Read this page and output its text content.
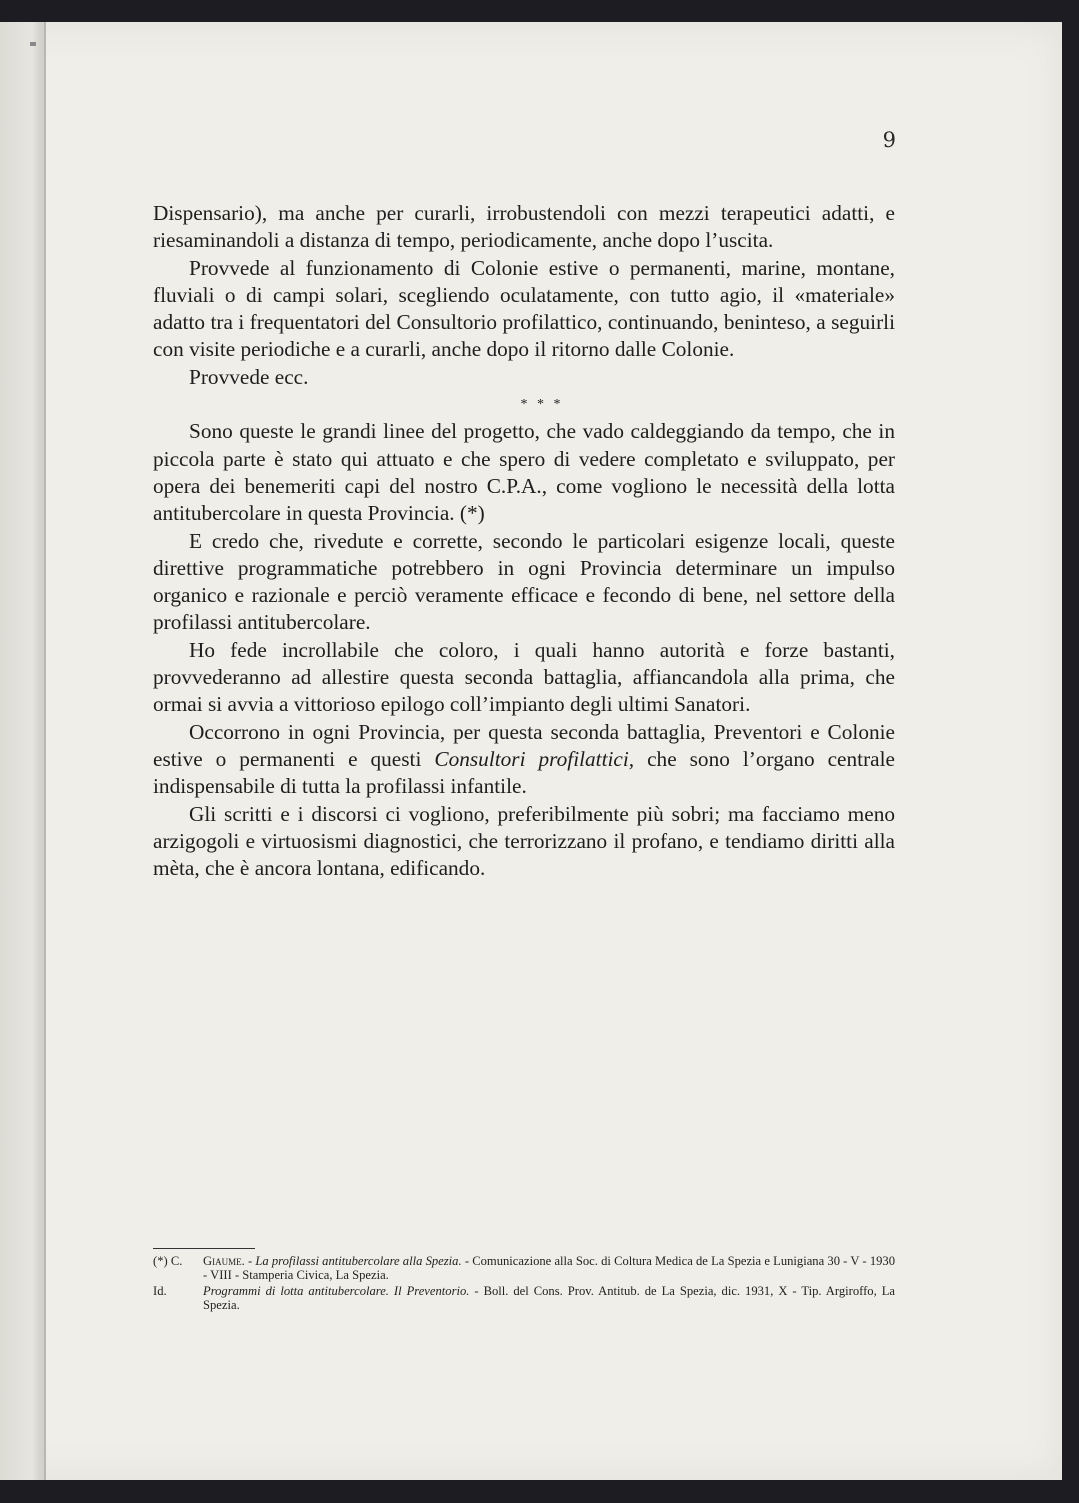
9

Dispensario), ma anche per curarli, irrobustendoli con mezzi terapeutici adatti, e riesaminandoli a distanza di tempo, periodicamente, anche dopo l’uscita.

Provvede al funzionamento di Colonie estive o permanenti, marine, montane, fluviali o di campi solari, scegliendo oculatamente, con tutto agio, il «materiale» adatto tra i frequentatori del Consultorio profilattico, continuando, beninteso, a seguirli con visite periodiche e a curarli, anche dopo il ritorno dalle Colonie.

Provvede ecc.

* * *

Sono queste le grandi linee del progetto, che vado caldeggiando da tempo, che in piccola parte è stato qui attuato e che spero di vedere completato e sviluppato, per opera dei benemeriti capi del nostro C.P.A., come vogliono le necessità della lotta antitubercolare in questa Provincia. (*)

E credo che, rivedute e corrette, secondo le particolari esigenze locali, queste direttive programmatiche potrebbero in ogni Provincia determinare un impulso organico e razionale e perciò veramente efficace e fecondo di bene, nel settore della profilassi antitubercolare.

Ho fede incrollabile che coloro, i quali hanno autorità e forze bastanti, provvederanno ad allestire questa seconda battaglia, affiancandola alla prima, che ormai si avvia a vittorioso epilogo coll’impianto degli ultimi Sanatori.

Occorrono in ogni Provincia, per questa seconda battaglia, Preventori e Colonie estive o permanenti e questi Consultori profilattici, che sono l’organo centrale indispensabile di tutta la profilassi infantile.

Gli scritti e i discorsi ci vogliono, preferibilmente più sobri; ma facciamo meno arzigogoli e virtuosismi diagnostici, che terrorizzano il profano, e tendiamo diritti alla mèta, che è ancora lontana, edificando.

(*) C.	Giaume. - La profilassi antitubercolare alla Spezia. - Comunicazione alla Soc. di Coltura Medica de La Spezia e Lunigiana 30 - V - 1930 - VIII - Stamperia Civica, La Spezia.
Id.	Programmi di lotta antitubercolare. Il Preventorio. - Boll. del Cons. Prov. Antitub. de La Spezia, dic. 1931, X - Tip. Argiroffo, La Spezia.
